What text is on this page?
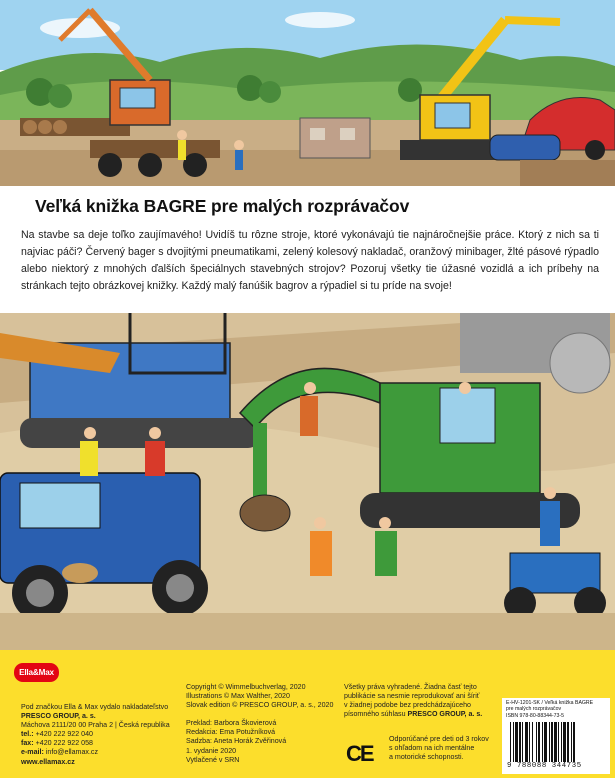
Veľká knižka BAGRE pre malých rozprávačov
Na stavbe sa deje toľko zaujímavého! Uvidíš tu rôzne stroje, ktoré vykonávajú tie najnáročnejšie práce. Ktorý z nich sa ti najviac páči? Červený bager s dvojitými pneumatikami, zelený kolesový nakladač, oranžový minibager, žlté pásové rýpadlo alebo niektorý z mnohých ďalších špeciálnych stavebných strojov? Pozoruj všetky tie úžasné vozidlá a ich príbehy na stránkach tejto obrázkovej knižky. Každý malý fanúšik bagrov a rýpadiel si tu príde na svoje!
Ella&Max
Pod značkou Ella & Max vydalo nakladateľstvo
PRESCO GROUP, a. s.
Máchova 2111/20 00 Praha 2 | Česká republika
tel.: +420 222 922 040
fax: +420 222 922 058
e-mail: info@ellamax.cz
www.ellamax.cz
Copyright © Wimmelbuchverlag, 2020
Illustrations © Max Walther, 2020
Slovak edition © PRESCO GROUP, a. s., 2020
Preklad: Barbora Škovierová
Redakcia: Ema Potužníková
Sadzba: Aneta Horák Zvěřinová
1. vydanie 2020
Vytlačené v SRN
Všetky práva vyhradené. Žiadna časť tejto
publikácie sa nesmie reprodukovať ani šíriť
v žiadnej podobe bez predchádzajúceho
písomného súhlasu PRESCO GROUP, a. s.
CE
Odporúčané pre deti od 3 rokov
s ohľadom na ich mentálne
a motorické schopnosti.
E-HV-1201-SK / Veľká knižka BAGRE
pre malých rozprávačov
ISBN 978-80-88344-73-5
9 788088 344735
